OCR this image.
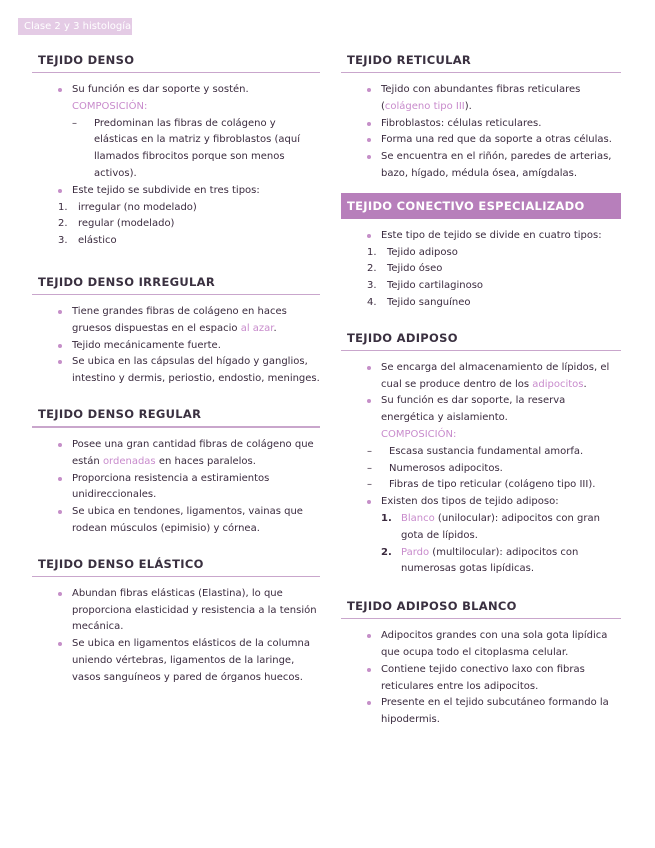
Clase 2 y 3 histología
TEJIDO DENSO
Su función es dar soporte y sostén.
COMPOSICIÓN:
– Predominan las fibras de colágeno y elásticas en la matriz y fibroblastos (aquí llamados fibrocitos porque son menos activos).
Este tejido se subdivide en tres tipos:
1. irregular (no modelado)
2. regular (modelado)
3. elástico
TEJIDO DENSO IRREGULAR
Tiene grandes fibras de colágeno en haces gruesos dispuestas en el espacio al azar.
Tejido mecánicamente fuerte.
Se ubica en las cápsulas del hígado y ganglios, intestino y dermis, periostio, endostio, meninges.
TEJIDO DENSO REGULAR
Posee una gran cantidad fibras de colágeno que están ordenadas en haces paralelos.
Proporciona resistencia a estiramientos unidireccionales.
Se ubica en tendones, ligamentos, vainas que rodean músculos (epimisio) y córnea.
TEJIDO DENSO ELÁSTICO
Abundan fibras elásticas (Elastina), lo que proporciona elasticidad y resistencia a la tensión mecánica.
Se ubica en ligamentos elásticos de la columna uniendo vértebras, ligamentos de la laringe, vasos sanguíneos y pared de órganos huecos.
TEJIDO RETICULAR
Tejido con abundantes fibras reticulares (colágeno tipo III).
Fibroblastos: células reticulares.
Forma una red que da soporte a otras células.
Se encuentra en el riñón, paredes de arterias, bazo, hígado, médula ósea, amígdalas.
TEJIDO CONECTIVO ESPECIALIZADO
Este tipo de tejido se divide en cuatro tipos:
1. Tejido adiposo
2. Tejido óseo
3. Tejido cartilaginoso
4. Tejido sanguíneo
TEJIDO ADIPOSO
Se encarga del almacenamiento de lípidos, el cual se produce dentro de los adipocitos.
Su función es dar soporte, la reserva energética y aislamiento.
COMPOSICIÓN:
– Escasa sustancia fundamental amorfa.
– Numerosos adipocitos.
– Fibras de tipo reticular (colágeno tipo III).
Existen dos tipos de tejido adiposo:
1. Blanco (unilocular): adipocitos con gran gota de lípidos.
2. Pardo (multilocular): adipocitos con numerosas gotas lipídicas.
TEJIDO ADIPOSO BLANCO
Adipocitos grandes con una sola gota lipídica que ocupa todo el citoplasma celular.
Contiene tejido conectivo laxo con fibras reticulares entre los adipocitos.
Presente en el tejido subcutáneo formando la hipodermis.
